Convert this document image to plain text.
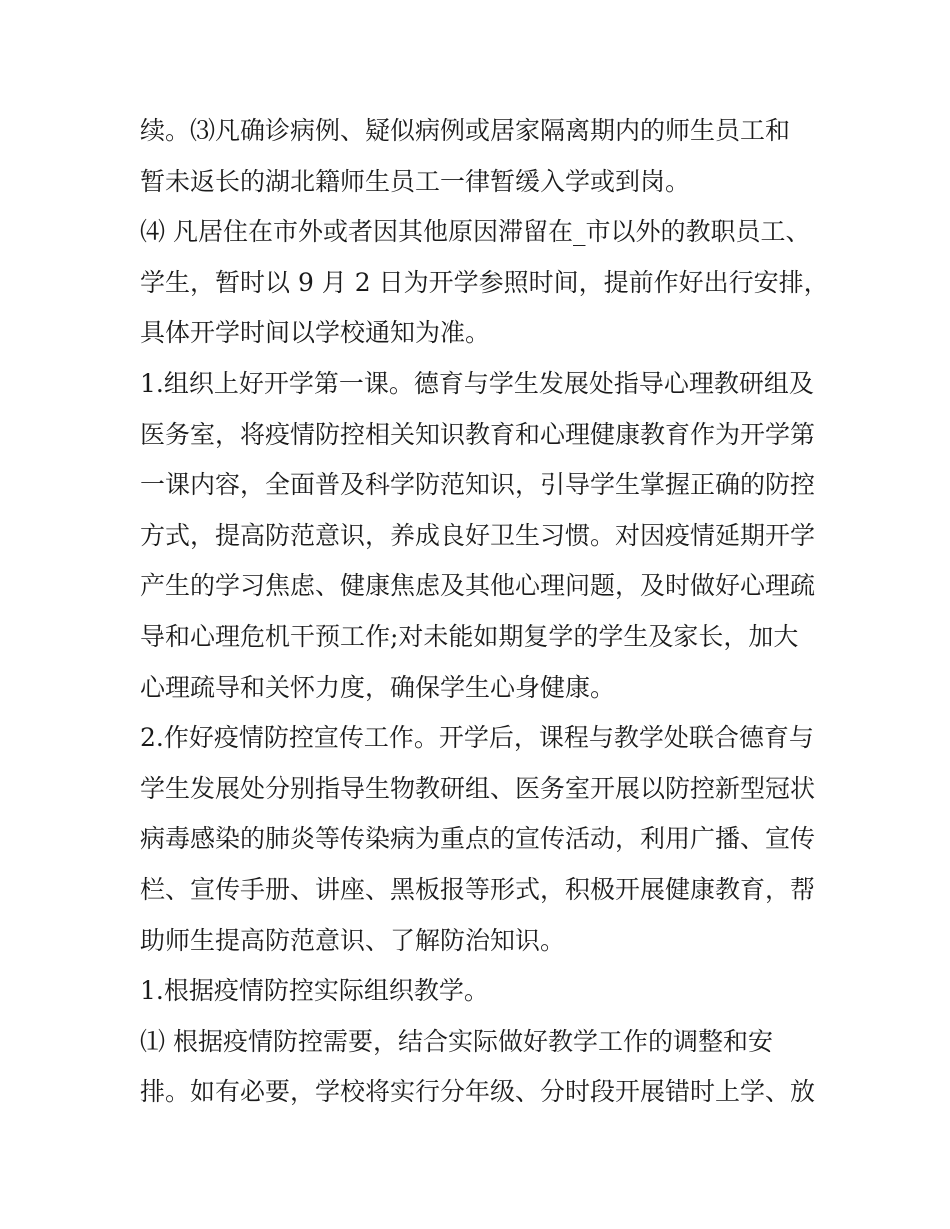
续。⑶凡确诊病例、疑似病例或居家隔离期内的师生员工和
暂未返长的湖北籍师生员工一律暂缓入学或到岗。
⑷ 凡居住在市外或者因其他原因滞留在_市以外的教职员工、
学生，暂时以 9 月 2 日为开学参照时间，提前作好出行安排，
具体开学时间以学校通知为准。
1.组织上好开学第一课。德育与学生发展处指导心理教研组及
医务室，将疫情防控相关知识教育和心理健康教育作为开学第
一课内容，全面普及科学防范知识，引导学生掌握正确的防控
方式，提高防范意识，养成良好卫生习惯。对因疫情延期开学
产生的学习焦虑、健康焦虑及其他心理问题，及时做好心理疏
导和心理危机干预工作;对未能如期复学的学生及家长，加大
心理疏导和关怀力度，确保学生心身健康。
2.作好疫情防控宣传工作。开学后，课程与教学处联合德育与
学生发展处分别指导生物教研组、医务室开展以防控新型冠状
病毒感染的肺炎等传染病为重点的宣传活动，利用广播、宣传
栏、宣传手册、讲座、黑板报等形式，积极开展健康教育，帮
助师生提高防范意识、了解防治知识。
1.根据疫情防控实际组织教学。
⑴ 根据疫情防控需要，结合实际做好教学工作的调整和安
排。如有必要，学校将实行分年级、分时段开展错时上学、放
